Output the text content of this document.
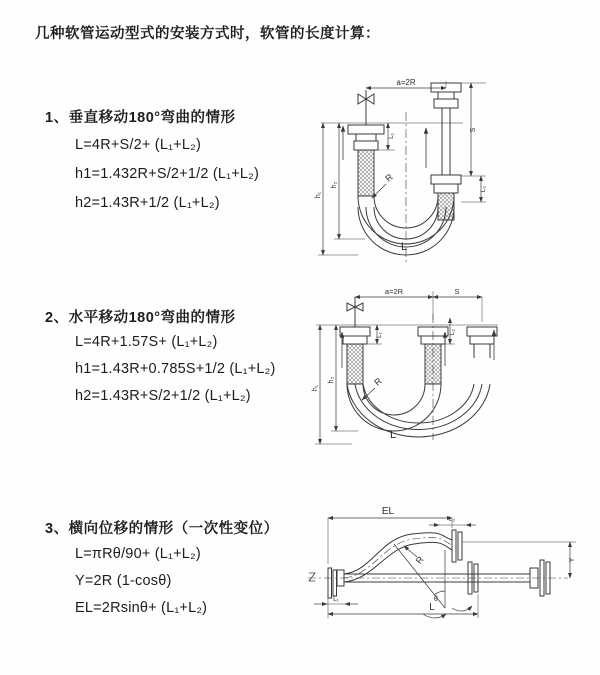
几种软管运动型式的安装方式时，软管的长度计算：
1、垂直移动180°弯曲的情形
L=4R+S/2+ (L₁+L₂)
h1=1.432R+S/2+1/2 (L₁+L₂)
h2=1.43R+1/2 (L₁+L₂)
2、水平移动180°弯曲的情形
L=4R+1.57S+ (L₁+L₂)
h1=1.43R+0.785S+1/2 (L₁+L₂)
h2=1.43R+S/2+1/2 (L₁+L₂)
3、横向位移的情形（一次性变位）
L=πRθ/90+ (L₁+L₂)
Y=2R (1-cosθ)
EL=2Rsinθ+ (L₁+L₂)
a=2R
h₁
h₂
L₁
S
L₂
R
L
a=2R	S
h₁
h₂
L₁	L₂
R
L
EL
L₂
L₁
Y
R
θ
L
